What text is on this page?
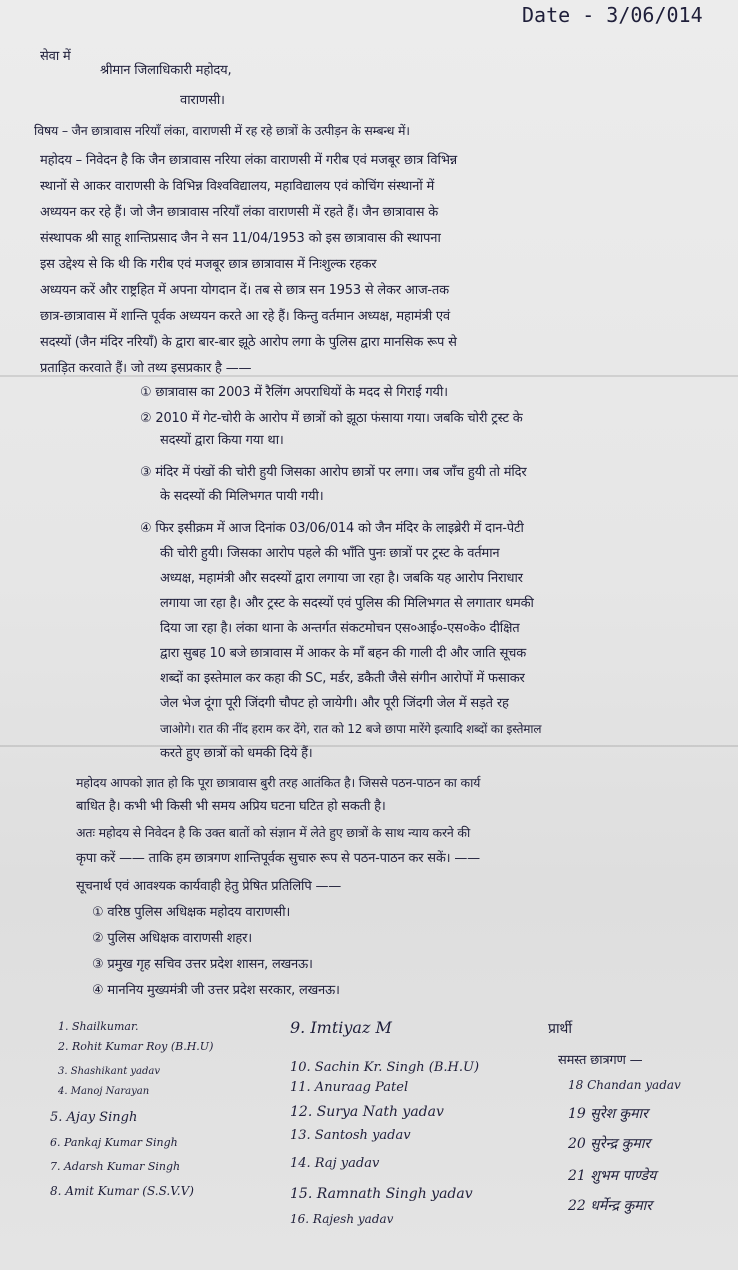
Date - 3/06/014
सेवा में
श्रीमान जिलाधिकारी महोदय,
वाराणसी।
विषय – जैन छात्रावास नरियाँ लंका, वाराणसी में रह रहे छात्रों के उत्पीड़न के सम्बन्ध में।
महोदय – निवेदन है कि जैन छात्रावास नरिया लंका वाराणसी में गरीब एवं मजबूर छात्र विभिन्न
स्थानों से आकर वाराणसी के विभिन्न विश्वविद्यालय, महाविद्यालय एवं कोचिंग संस्थानों में
अध्ययन कर रहे हैं। जो जैन छात्रावास नरियाँ लंका वाराणसी में रहते हैं। जैन छात्रावास के
संस्थापक श्री साहू शान्तिप्रसाद जैन ने सन 11/04/1953 को इस छात्रावास की स्थापना
इस उद्देश्य से कि थी कि गरीब एवं मजबूर छात्र छात्रावास में निःशुल्क रहकर
अध्ययन करें और राष्ट्रहित में अपना योगदान दें। तब से छात्र सन 1953 से लेकर आज-तक
छात्र-छात्रावास में शान्ति पूर्वक अध्ययन करते आ रहे हैं। किन्तु वर्तमान अध्यक्ष, महामंत्री एवं
सदस्यों (जैन मंदिर नरियाँ) के द्वारा बार-बार झूठे आरोप लगा के पुलिस द्वारा मानसिक रूप से
प्रताड़ित करवाते हैं। जो तथ्य इसप्रकार है ——
① छात्रावास का 2003 में रैलिंग अपराधियों के मदद से गिराई गयी।
② 2010 में गेट-चोरी के आरोप में छात्रों को झूठा फंसाया गया। जबकि चोरी ट्रस्ट के
सदस्यों द्वारा किया गया था।
③ मंदिर में पंखों की चोरी हुयी जिसका आरोप छात्रों पर लगा। जब जाँच हुयी तो मंदिर
के सदस्यों की मिलिभगत पायी गयी।
④ फिर इसीक्रम में आज दिनांक 03/06/014 को जैन मंदिर के लाइब्रेरी में दान-पेटी
की चोरी हुयी। जिसका आरोप पहले की भाँति पुनः छात्रों पर ट्रस्ट के वर्तमान
अध्यक्ष, महामंत्री और सदस्यों द्वारा लगाया जा रहा है। जबकि यह आरोप निराधार
लगाया जा रहा है। और ट्रस्ट के सदस्यों एवं पुलिस की मिलिभगत से लगातार धमकी
दिया जा रहा है। लंका थाना के अन्तर्गत संकटमोचन एस०आई०-एस०के० दीक्षित
द्वारा सुबह 10 बजे छात्रावास में आकर के माँ बहन की गाली दी और जाति सूचक
शब्दों का इस्तेमाल कर कहा की SC, मर्डर, डकैती जैसे संगीन आरोपों में फसाकर
जेल भेज दूंगा पूरी जिंदगी चौपट हो जायेगी। और पूरी जिंदगी जेल में सड़ते रह
जाओगे। रात की नींद हराम कर देंगे, रात को 12 बजे छापा मारेंगे इत्यादि शब्दों का इस्तेमाल
करते हुए छात्रों को धमकी दिये हैं।
महोदय आपको ज्ञात हो कि पूरा छात्रावास बुरी तरह आतंकित है। जिससे पठन-पाठन का कार्य
बाधित है। कभी भी किसी भी समय अप्रिय घटना घटित हो सकती है।
अतः महोदय से निवेदन है कि उक्त बातों को संज्ञान में लेते हुए छात्रों के साथ न्याय करने की
कृपा करें —— ताकि हम छात्रगण शान्तिपूर्वक सुचारु रूप से पठन-पाठन कर सकें। ——
सूचनार्थ एवं आवश्यक कार्यवाही हेतु प्रेषित प्रतिलिपि ——
① वरिष्ठ पुलिस अधिक्षक महोदय वाराणसी।
② पुलिस अधिक्षक वाराणसी शहर।
③ प्रमुख गृह सचिव उत्तर प्रदेश शासन, लखनऊ।
④ माननिय मुख्यमंत्री जी उत्तर प्रदेश सरकार, लखनऊ।
प्रार्थी
समस्त छात्रगण —
1. Shailkumar.
2. Rohit Kumar Roy (B.H.U)
3. Shashikant yadav
4. Manoj Narayan
5. Ajay Singh
6. Pankaj Kumar Singh
7. Adarsh Kumar Singh
8. Amit Kumar (S.S.V.V)
9. Imtiyaz M
10. Sachin Kr. Singh (B.H.U)
11. Anuraag Patel
12. Surya Nath yadav
13. Santosh yadav
14. Raj yadav
15. Ramnath Singh yadav
16. Rajesh yadav
18 Chandan yadav
19 सुरेश कुमार
20 सुरेन्द्र कुमार
21 शुभम पाण्डेय
22 धर्मेन्द्र कुमार
